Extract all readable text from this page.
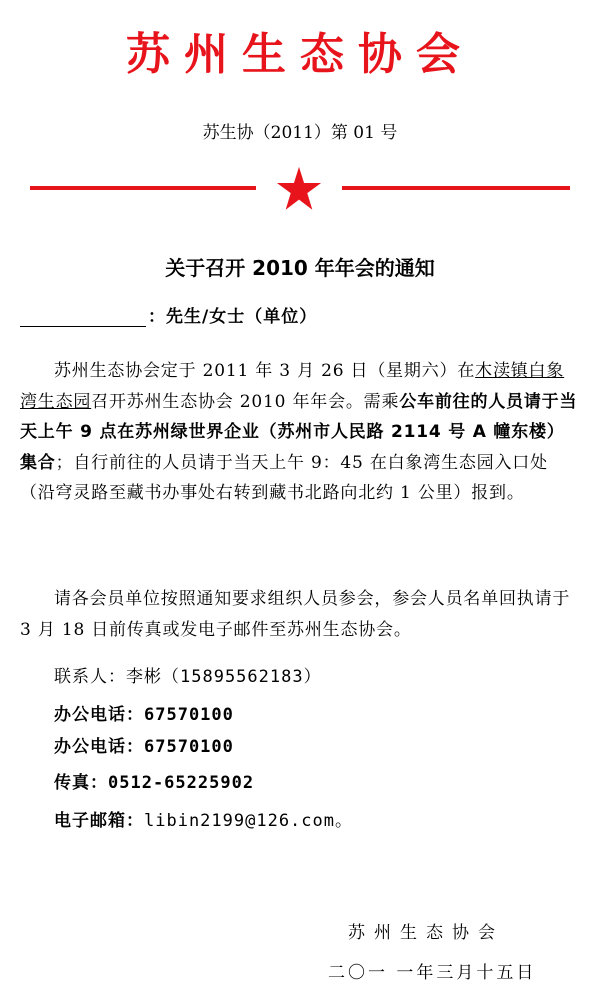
苏州生态协会
苏生协（2011）第 01 号
关于召开 2010 年年会的通知
：先生/女士（单位）
苏州生态协会定于 2011 年 3 月 26 日（星期六）在木渎镇白象湾生态园召开苏州生态协会 2010 年年会。需乘公车前往的人员请于当天上午 9 点在苏州绿世界企业（苏州市人民路 2114 号 A 幢东楼）集合；自行前往的人员请于当天上午 9：45 在白象湾生态园入口处（沿穹灵路至藏书办事处右转到藏书北路向北约 1 公里）报到。
请各会员单位按照通知要求组织人员参会，参会人员名单回执请于 3 月 18 日前传真或发电子邮件至苏州生态协会。
联系人：李彬（15895562183）
办公电话：67570100
办公电话：67570100
传真：0512-65225902
电子邮箱：libin2199@126.com。
苏州生态协会
二〇一 一年三月十五日
